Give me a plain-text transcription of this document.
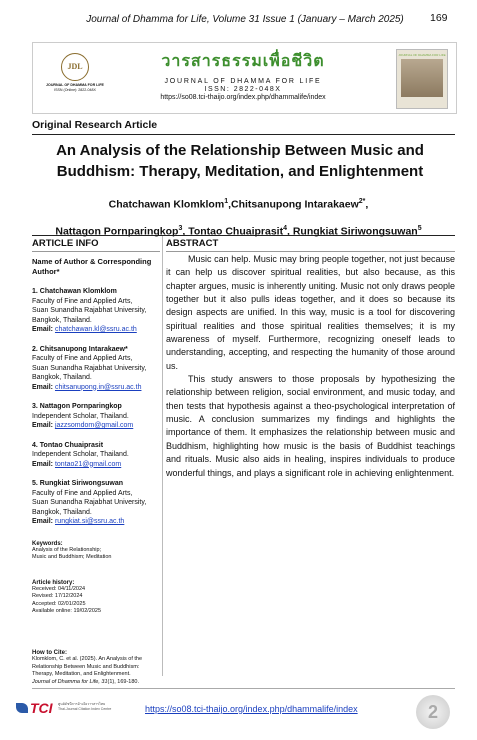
Journal of Dhamma for Life, Volume 31 Issue 1 (January – March 2025) 169
JDL
JOURNAL OF DHAMMA FOR LIFE
ISSN (Online): 2822-048X
วารสารธรรมเพื่อชีวิต
JOURNAL OF DHAMMA FOR LIFE
ISSN: 2822-048X
https://so08.tci-thaijo.org/index.php/dhammalife/index
JOURNAL OF DHAMMA FOR LIFE
Original Research Article
An Analysis of the Relationship Between Music and
Buddhism: Therapy, Meditation, and Enlightenment
Chatchawan Klomklom$^1$,Chitsanupong Intarakaew$^{2*}$,
Nattagon Pornparingkop$^3$, Tontao Chuaiprasit$^4$, Rungkiat Siriwongsuwan$^5$
ARTICLE INFO
Name of Author & Corresponding Author*
1. Chatchawan Klomklom
Faculty of Fine and Applied Arts,
Suan Sunandha Rajabhat University,
Bangkok, Thailand.
Email: chatchawan.kl@ssru.ac.th
2. Chitsanupong Intarakaew*
Faculty of Fine and Applied Arts,
Suan Sunandha Rajabhat University,
Bangkok, Thailand.
Email: chitsanupong.in@ssru.ac.th
3. Nattagon Pornparingkop
Independent Scholar, Thailand.
Email: jazzsomdom@gmail.com
4. Tontao Chuaiprasit
Independent Scholar, Thailand.
Email: tontao21@gmail.com
5. Rungkiat Siriwongsuwan
Faculty of Fine and Applied Arts,
Suan Sunandha Rajabhat University,
Bangkok, Thailand.
Email: rungkiat.si@ssru.ac.th
Keywords:
Analysis of the Relationship;
Music and Buddhism; Meditation
Article history:
Received: 04/11/2024
Revised: 17/12/2024
Accepted: 02/01/2025
Available online: 19/02/2025
How to Cite:
Klomklom, C. et al. (2025). An Analysis of the
Relationship Between Music and Buddhism:
Therapy, Meditation, and Enlightenment.
Journal of Dhamma for Life, 31(1), 169-180.
ABSTRACT

Music can help. Music may bring people together, not just because it can help us discover spiritual realities, but also because, as this chapter argues, music is inherently uniting. Music not only draws people together but it also pulls ideas together, and it does so because its design aspects are unified. In this way, music is a tool for discovering spiritual realities and those spiritual realities themselves; it is my awareness of myself. Furthermore, recognizing oneself leads to understanding, accepting, and respecting the humanity of those around us.

This study answers to those proposals by hypothesizing the relationship between religion, social environment, and music today, and then tests that hypothesis against a theo-psychological interpretation of music. A conclusion summarizes my findings and highlights the importance of them. It emphasizes the relationship between music and Buddhism, highlighting how music is the basis of Buddhist teachings and rituals. Music also aids in healing, inspires individuals to produce wonderful things, and plays a significant role in achieving enlightenment.

TCI ศูนย์ดัชนีการอ้างอิงวารสารไทย
Thai-Journal Citation Index Centre	https://so08.tci-thaijo.org/index.php/dhammalife/index	2
